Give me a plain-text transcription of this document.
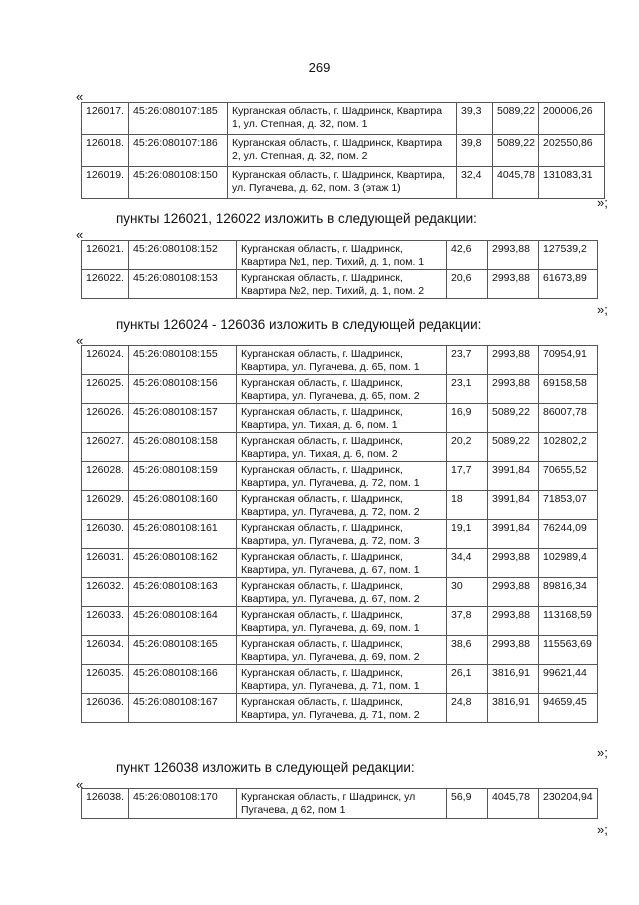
269
«
126017.	45:26:080107:185	Курганская область, г. Шадринск, Квартира 1, ул. Степная, д. 32, пом. 1	39,3	5089,22	200006,26
126018.	45:26:080107:186	Курганская область, г. Шадринск, Квартира 2, ул. Степная, д. 32, пом. 2	39,8	5089,22	202550,86
126019.	45:26:080108:150	Курганская область, г. Шадринск, Квартира, ул. Пугачева, д. 62, пом. 3 (этаж 1)	32,4	4045,78	131083,31
»;
пункты 126021, 126022 изложить в следующей редакции:
«
126021.	45:26:080108:152	Курганская область, г. Шадринск, Квартира №1, пер. Тихий, д. 1, пом. 1	42,6	2993,88	127539,2
126022.	45:26:080108:153	Курганская область, г. Шадринск, Квартира №2, пер. Тихий, д. 1, пом. 2	20,6	2993,88	61673,89
»;
пункты 126024 - 126036 изложить в следующей редакции:
«
126024.	45:26:080108:155	Курганская область, г. Шадринск, Квартира, ул. Пугачева, д. 65, пом. 1	23,7	2993,88	70954,91
126025.	45:26:080108:156	Курганская область, г. Шадринск, Квартира, ул. Пугачева, д. 65, пом. 2	23,1	2993,88	69158,58
126026.	45:26:080108:157	Курганская область, г. Шадринск, Квартира, ул. Тихая, д. 6, пом. 1	16,9	5089,22	86007,78
126027.	45:26:080108:158	Курганская область, г. Шадринск, Квартира, ул. Тихая, д. 6, пом. 2	20,2	5089,22	102802,2
126028.	45:26:080108:159	Курганская область, г. Шадринск, Квартира, ул. Пугачева, д. 72, пом. 1	17,7	3991,84	70655,52
126029.	45:26:080108:160	Курганская область, г. Шадринск, Квартира, ул. Пугачева, д. 72, пом. 2	18	3991,84	71853,07
126030.	45:26:080108:161	Курганская область, г. Шадринск, Квартира, ул. Пугачева, д. 72, пом. 3	19,1	3991,84	76244,09
126031.	45:26:080108:162	Курганская область, г. Шадринск, Квартира, ул. Пугачева, д. 67, пом. 1	34,4	2993,88	102989,4
126032.	45:26:080108:163	Курганская область, г. Шадринск, Квартира, ул. Пугачева, д. 67, пом. 2	30	2993,88	89816,34
126033.	45:26:080108:164	Курганская область, г. Шадринск, Квартира, ул. Пугачева, д. 69, пом. 1	37,8	2993,88	113168,59
126034.	45:26:080108:165	Курганская область, г. Шадринск, Квартира, ул. Пугачева, д. 69, пом. 2	38,6	2993,88	115563,69
126035.	45:26:080108:166	Курганская область, г. Шадринск, Квартира, ул. Пугачева, д. 71, пом. 1	26,1	3816,91	99621,44
126036.	45:26:080108:167	Курганская область, г. Шадринск, Квартира, ул. Пугачева, д. 71, пом. 2	24,8	3816,91	94659,45
»;
пункт 126038 изложить в следующей редакции:
«
126038.	45:26:080108:170	Курганская область, г Шадринск, ул Пугачева, д 62, пом 1	56,9	4045,78	230204,94
»;
